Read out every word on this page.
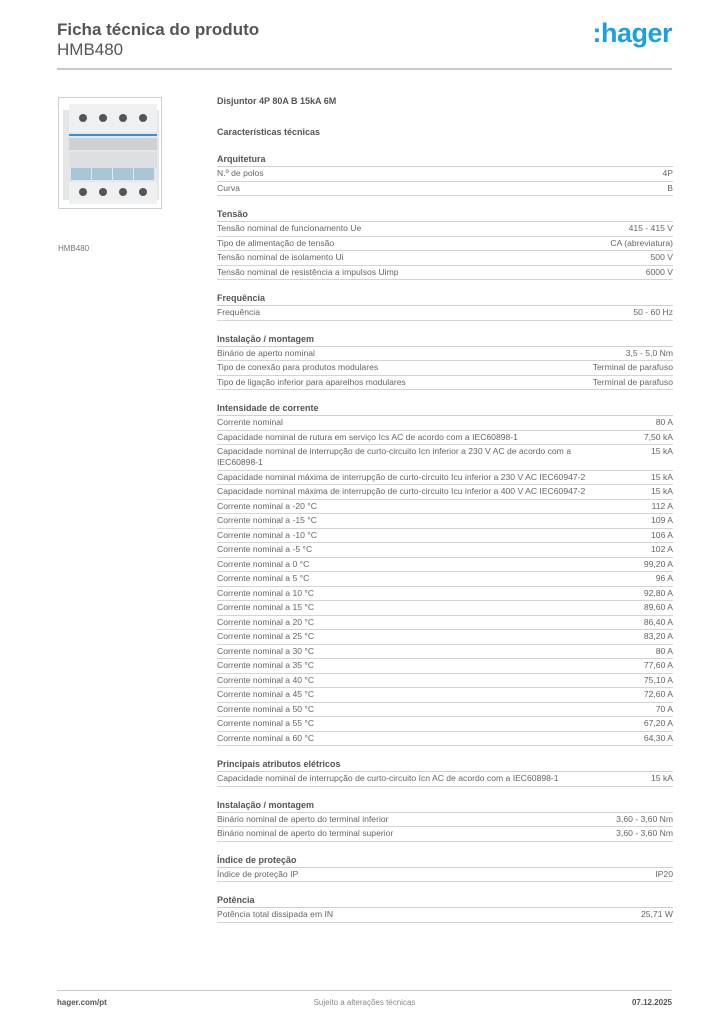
Ficha técnica do produto
HMB480
:hager
HMB480
Disjuntor 4P 80A B 15kA 6M
Características técnicas
Arquitetura
N.º de polos	4P
Curva	B
Tensão
Tensão nominal de funcionamento Ue	415 - 415 V
Tipo de alimentação de tensão	CA (abreviatura)
Tensão nominal de isolamento Ui	500 V
Tensão nominal de resistência a impulsos Uimp	6000 V
Frequência
Frequência	50 - 60 Hz
Instalação / montagem
Binário de aperto nominal	3,5 - 5,0 Nm
Tipo de conexão para produtos modulares	Terminal de parafuso
Tipo de ligação inferior para aparelhos modulares	Terminal de parafuso
Intensidade de corrente
Corrente nominal	80 A
Capacidade nominal de rutura em serviço Ics AC de acordo com a IEC60898-1	7,50 kA
Capacidade nominal de interrupção de curto-circuito Icn inferior a 230 V AC de acordo com a IEC60898-1
15 kA
Capacidade nominal máxima de interrupção de curto-circuito Icu inferior a 230 V AC IEC60947-2	15 kA
Capacidade nominal máxima de interrupção de curto-circuito Icu inferior a 400 V AC IEC60947-2	15 kA
Corrente nominal a -20 °C	112 A
Corrente nominal a -15 °C	109 A
Corrente nominal a -10 °C	106 A
Corrente nominal a -5 °C	102 A
Corrente nominal a 0 °C	99,20 A
Corrente nominal a 5 °C	96 A
Corrente nominal a 10 °C	92,80 A
Corrente nominal a 15 °C	89,60 A
Corrente nominal a 20 °C	86,40 A
Corrente nominal a 25 °C	83,20 A
Corrente nominal a 30 °C	80 A
Corrente nominal a 35 °C	77,60 A
Corrente nominal a 40 °C	75,10 A
Corrente nominal a 45 °C	72,60 A
Corrente nominal a 50 °C	70 A
Corrente nominal a 55 °C	67,20 A
Corrente nominal a 60 °C	64,30 A
Principais atributos elétricos
Capacidade nominal de interrupção de curto-circuito Icn AC de acordo com a IEC60898-1	15 kA
Instalação / montagem
Binário nominal de aperto do terminal inferior	3,60 - 3,60 Nm
Binário nominal de aperto do terminal superior	3,60 - 3,60 Nm
Índice de proteção
Índice de proteção IP	IP20
Potência
Potência total dissipada em IN	25,71 W
hager.com/pt	Sujeito a alterações técnicas	07.12.2025
